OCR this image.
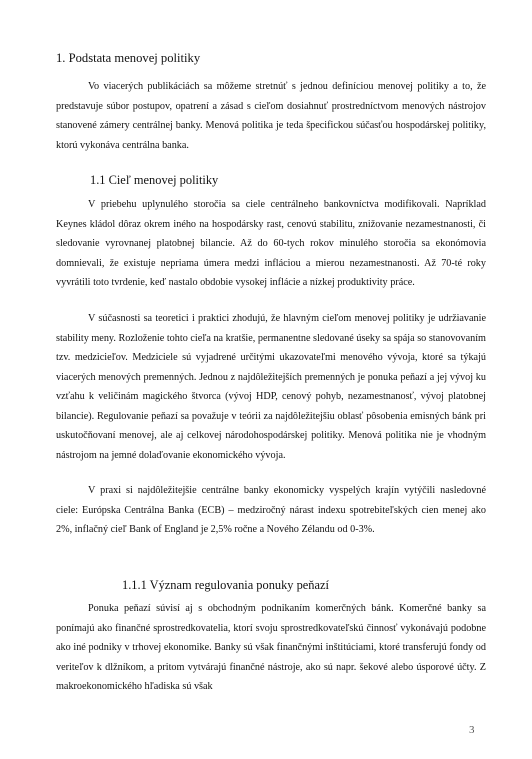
1. Podstata menovej politiky

Vo viacerých publikáciách sa môžeme stretnúť s jednou definíciou menovej politiky a to, že predstavuje súbor postupov, opatrení a zásad s cieľom dosiahnuť prostredníctvom menových nástrojov stanovené zámery centrálnej banky. Menová politika je teda špecifickou súčasťou hospodárskej politiky, ktorú vykonáva centrálna banka.

1.1 Cieľ menovej politiky

V priebehu uplynulého storočia sa ciele centrálneho bankovníctva modifikovali. Napríklad Keynes kládol dôraz okrem iného na hospodársky rast, cenovú stabilitu, znižovanie nezamestnanosti, či sledovanie vyrovnanej platobnej bilancie. Až do 60-tych rokov minulého storočia sa ekonómovia domnievali, že existuje nepriama úmera medzi infláciou a mierou nezamestnanosti. Až 70-té roky vyvrátili toto tvrdenie, keď nastalo obdobie vysokej inflácie a nízkej produktivity práce.

V súčasnosti sa teoretici i praktici zhodujú, že hlavným cieľom menovej politiky je udržiavanie stability meny. Rozloženie tohto cieľa na kratšie, permanentne sledované úseky sa spája so stanovovaním tzv. medzicieľov. Medziciele sú vyjadrené určitými ukazovateľmi menového vývoja, ktoré sa týkajú viacerých menových premenných. Jednou z najdôležitejších premenných je ponuka peňazí a jej vývoj ku vzťahu k veličinám magického štvorca (vývoj HDP, cenový pohyb, nezamestnanosť, vývoj platobnej bilancie). Regulovanie peňazí sa považuje v teórii za najdôležitejšiu oblasť pôsobenia emisných bánk pri uskutočňovaní menovej, ale aj celkovej národohospodárskej politiky. Menová politika nie je vhodným nástrojom na jemné dolaďovanie ekonomického vývoja.

V praxi si najdôležitejšie centrálne banky ekonomicky vyspelých krajín vytýčili nasledovné ciele: Európska Centrálna Banka (ECB) – medziročný nárast indexu spotrebiteľských cien menej ako 2%, inflačný cieľ Bank of England je 2,5% ročne a Nového Zélandu od 0-3%.

1.1.1 Význam regulovania ponuky peňazí

Ponuka peňazí súvisí aj s obchodným podnikaním komerčných bánk. Komerčné banky sa ponímajú ako finančné sprostredkovatelia, ktorí svoju sprostredkovateľskú činnosť vykonávajú podobne ako iné podniky v trhovej ekonomike. Banky sú však finančnými inštitúciami, ktoré transferujú fondy od veriteľov k dlžníkom, a pritom vytvárajú finančné nástroje, ako sú napr. šekové alebo úsporové účty. Z makroekonomického hľadiska sú však

3
